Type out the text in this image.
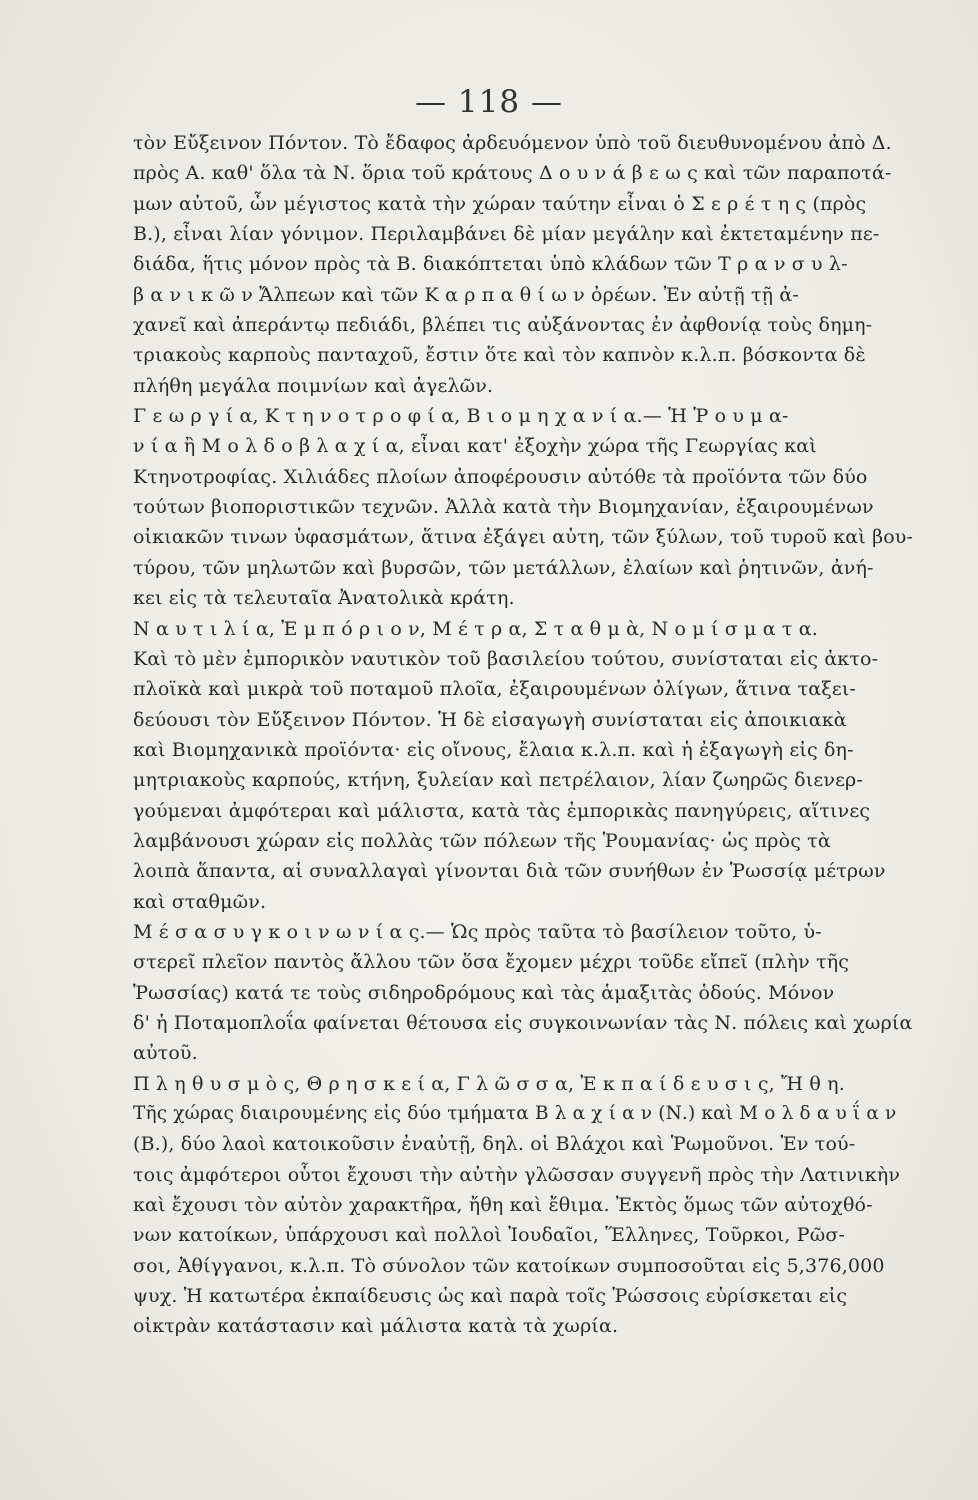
— 118 —
τὸν Εὔξεινον Πόντον. Τὸ ἔδαφος ἀρδευόμενον ὑπὸ τοῦ διευθυνομένου ἀπὸ Δ.
πρὸς Α. καθ' ὅλα τὰ Ν. ὅρια τοῦ κράτους Δ ο υ ν ά β ε ω ς καὶ τῶν παραποτά-
μων αὐτοῦ, ὧν μέγιστος κατὰ τὴν χώραν ταύτην εἶναι ὁ Σ ε ρ έ τ η ς (πρὸς
Β.), εἶναι λίαν γόνιμον. Περιλαμβάνει δὲ μίαν μεγάλην καὶ ἐκτεταμένην πε-
διάδα, ἥτις μόνον πρὸς τὰ Β. διακόπτεται ὑπὸ κλάδων τῶν Τ ρ α ν σ υ λ-
β α ν ι κ ῶ ν Ἄλπεων καὶ τῶν Κ α ρ π α θ ί ω ν ὀρέων. Ἐν αὐτῇ τῇ ἀ-
χανεῖ καὶ ἀπεράντῳ πεδιάδι, βλέπει τις αὐξάνοντας ἐν ἀφθονίᾳ τοὺς δημη-
τριακοὺς καρποὺς πανταχοῦ, ἔστιν ὅτε καὶ τὸν καπνὸν κ.λ.π. βόσκοντα δὲ
πλήθη μεγάλα ποιμνίων καὶ ἀγελῶν.
Γ ε ω ρ γ ί α, Κ τ η ν ο τ ρ ο φ ί α, Β ι ο μ η χ α ν ί α.— Ἡ Ῥ ο υ μ α-
ν ί α ἢ Μ ο λ δ ο β λ α χ ί α, εἶναι κατ' ἐξοχὴν χώρα τῆς Γεωργίας καὶ
Κτηνοτροφίας. Χιλιάδες πλοίων ἀποφέρουσιν αὐτόθε τὰ προϊόντα τῶν δύο
τούτων βιοποριστικῶν τεχνῶν. Ἀλλὰ κατὰ τὴν Βιομηχανίαν, ἐξαιρουμένων
οἰκιακῶν τινων ὑφασμάτων, ἅτινα ἐξάγει αὐτη, τῶν ξύλων, τοῦ τυροῦ καὶ βου-
τύρου, τῶν μηλωτῶν καὶ βυρσῶν, τῶν μετάλλων, ἐλαίων καὶ ῥητινῶν, ἀνή-
κει εἰς τὰ τελευταῖα Ἀνατολικὰ κράτη.
Ν α υ τ ι λ ί α, Ἐ μ π ό ρ ι ο ν, Μ έ τ ρ α, Σ τ α θ μ ὰ, Ν ο μ ί σ μ α τ α.
Καὶ τὸ μὲν ἐμπορικὸν ναυτικὸν τοῦ βασιλείου τούτου, συνίσταται εἰς ἀκτο-
πλοϊκὰ καὶ μικρὰ τοῦ ποταμοῦ πλοῖα, ἐξαιρουμένων ὀλίγων, ἅτινα ταξει-
δεύουσι τὸν Εὔξεινον Πόντον. Ἡ δὲ εἰσαγωγὴ συνίσταται εἰς ἀποικιακὰ
καὶ Βιομηχανικὰ προϊόντα· εἰς οἴνους, ἔλαια κ.λ.π. καὶ ἡ ἐξαγωγὴ εἰς δη-
μητριακοὺς καρπούς, κτήνη, ξυλείαν καὶ πετρέλαιον, λίαν ζωηρῶς διενερ-
γούμεναι ἀμφότεραι καὶ μάλιστα, κατὰ τὰς ἐμπορικὰς πανηγύρεις, αἵτινες
λαμβάνουσι χώραν εἰς πολλὰς τῶν πόλεων τῆς Ῥουμανίας· ὡς πρὸς τὰ
λοιπὰ ἅπαντα, αἱ συναλλαγαὶ γίνονται διὰ τῶν συνήθων ἐν Ῥωσσίᾳ μέτρων
καὶ σταθμῶν.
Μ έ σ α σ υ γ κ ο ι ν ω ν ί α ς.— Ὡς πρὸς ταῦτα τὸ βασίλειον τοῦτο, ὑ-
στερεῖ πλεῖον παντὸς ἄλλου τῶν ὅσα ἔχομεν μέχρι τοῦδε εἴπεῖ (πλὴν τῆς
Ῥωσσίας) κατά τε τοὺς σιδηροδρόμους καὶ τὰς ἁμαξιτὰς ὁδούς. Μόνον
δ' ἡ Ποταμοπλοΐα φαίνεται θέτουσα εἰς συγκοινωνίαν τὰς Ν. πόλεις καὶ χωρία
αὐτοῦ.
Π λ η θ υ σ μ ὸ ς, Θ ρ η σ κ ε ί α, Γ λ ῶ σ σ α, Ἐ κ π α ί δ ε υ σ ι ς, Ἤ θ η.
Τῆς χώρας διαιρουμένης εἰς δύο τμήματα Β λ α χ ί α ν (Ν.) καὶ Μ ο λ δ α υ ΐ α ν
(Β.), δύο λαοὶ κατοικοῦσιν ἐναὐτῇ, δηλ. οἱ Βλάχοι καὶ Ῥωμοῦνοι. Ἐν τού-
τοις ἀμφότεροι οὗτοι ἔχουσι τὴν αὐτὴν γλῶσσαν συγγενῆ πρὸς τὴν Λατινικὴν
καὶ ἔχουσι τὸν αὐτὸν χαρακτῆρα, ἤθη καὶ ἔθιμα. Ἐκτὸς ὅμως τῶν αὐτοχθό-
νων κατοίκων, ὑπάρχουσι καὶ πολλοὶ Ἰουδαῖοι, Ἕλληνες, Τοῦρκοι, Ρῶσ-
σοι, Ἀθίγγανοι, κ.λ.π. Τὸ σύνολον τῶν κατοίκων συμποσοῦται εἰς 5,376,000
ψυχ. Ἡ κατωτέρα ἐκπαίδευσις ὡς καὶ παρὰ τοῖς Ῥώσσοις εὑρίσκεται εἰς
οἰκτρὰν κατάστασιν καὶ μάλιστα κατὰ τὰ χωρία.
